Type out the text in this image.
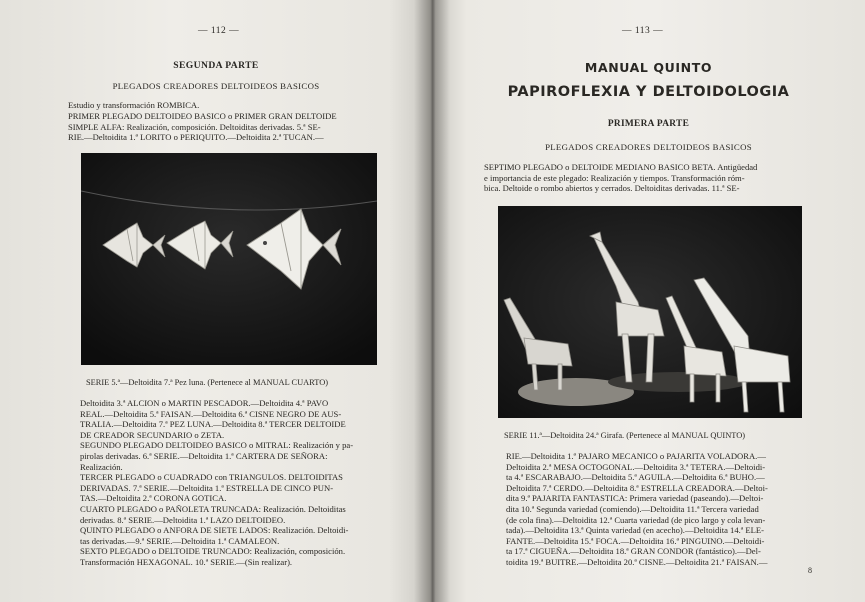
— 112 —
SEGUNDA PARTE
PLEGADOS CREADORES DELTOIDEOS BASICOS
Estudio y transformación ROMBICA.
PRIMER PLEGADO DELTOIDEO BASICO o PRIMER GRAN DELTOIDE
SIMPLE ALFA: Realización, composición. Deltoiditas derivadas. 5.ª SE-
RIE.—Deltoidita 1.ª LORITO o PERIQUITO.—Deltoidita 2.ª TUCAN.—
SERIE 5.ª—Deltoidita 7.ª Pez luna. (Pertenece al MANUAL CUARTO)
Deltoidita 3.ª ALCION o MARTIN PESCADOR.—Deltoidita 4.ª PAVO
REAL.—Deltoidita 5.ª FAISAN.—Deltoidita 6.ª CISNE NEGRO DE AUS-
TRALIA.—Deltoidita 7.ª PEZ LUNA.—Deltoidita 8.ª TERCER DELTOIDE
DE CREADOR SECUNDARIO o ZETA.
SEGUNDO PLEGADO DELTOIDEO BASICO o MITRAL: Realización y pa-
pirolas derivadas. 6.ª SERIE.—Deltoidita 1.ª CARTERA DE SEÑORA:
Realización.
TERCER PLEGADO o CUADRADO con TRIANGULOS. DELTOIDITAS
DERIVADAS. 7.ª SERIE.—Deltoidita 1.ª ESTRELLA DE CINCO PUN-
TAS.—Deltoidita 2.ª CORONA GOTICA.
CUARTO PLEGADO o PAÑOLETA TRUNCADA: Realización. Deltoiditas
derivadas. 8.ª SERIE.—Deltoidita 1.ª LAZO DELTOIDEO.
QUINTO PLEGADO o ANFORA DE SIETE LADOS: Realización. Deltoidi-
tas derivadas.—9.ª SERIE.—Deltoidita 1.ª CAMALEON.
SEXTO PLEGADO o DELTOIDE TRUNCADO: Realización, composición.
Transformación HEXAGONAL. 10.ª SERIE.—(Sin realizar).
— 113 —
MANUAL QUINTO
PAPIROFLEXIA Y DELTOIDOLOGIA
PRIMERA PARTE
PLEGADOS CREADORES DELTOIDEOS BASICOS
SEPTIMO PLEGADO o DELTOIDE MEDIANO BASICO BETA. Antigüedad
e importancia de este plegado: Realización y tiempos. Transformación róm-
bica. Deltoide o rombo abiertos y cerrados. Deltoiditas derivadas. 11.ª SE-
SERIE 11.ª—Deltoidita 24.ª Girafa. (Pertenece al MANUAL QUINTO)
RIE.—Deltoidita 1.ª PAJARO MECANICO o PAJARITA VOLADORA.—
Deltoidita 2.ª MESA OCTOGONAL.—Deltoidita 3.ª TETERA.—Deltoidi-
ta 4.ª ESCARABAJO.—Deltoidita 5.ª AGUILA.—Deltoidita 6.ª BUHO.—
Deltoidita 7.ª CERDO.—Deltoidita 8.ª ESTRELLA CREADORA.—Deltoi-
dita 9.ª PAJARITA FANTASTICA: Primera variedad (paseando).—Deltoi-
dita 10.ª Segunda variedad (comiendo).—Deltoidita 11.ª Tercera variedad
(de cola fina).—Deltoidita 12.ª Cuarta variedad (de pico largo y cola levan-
tada).—Deltoidita 13.ª Quinta variedad (en acecho).—Deltoidita 14.ª ELE-
FANTE.—Deltoidita 15.ª FOCA.—Deltoidita 16.ª PINGUINO.—Deltoidi-
ta 17.ª CIGUEÑA.—Deltoidita 18.ª GRAN CONDOR (fantástico).—Del-
toidita 19.ª BUITRE.—Deltoidita 20.ª CISNE.—Deltoidita 21.ª FAISAN.—
8
